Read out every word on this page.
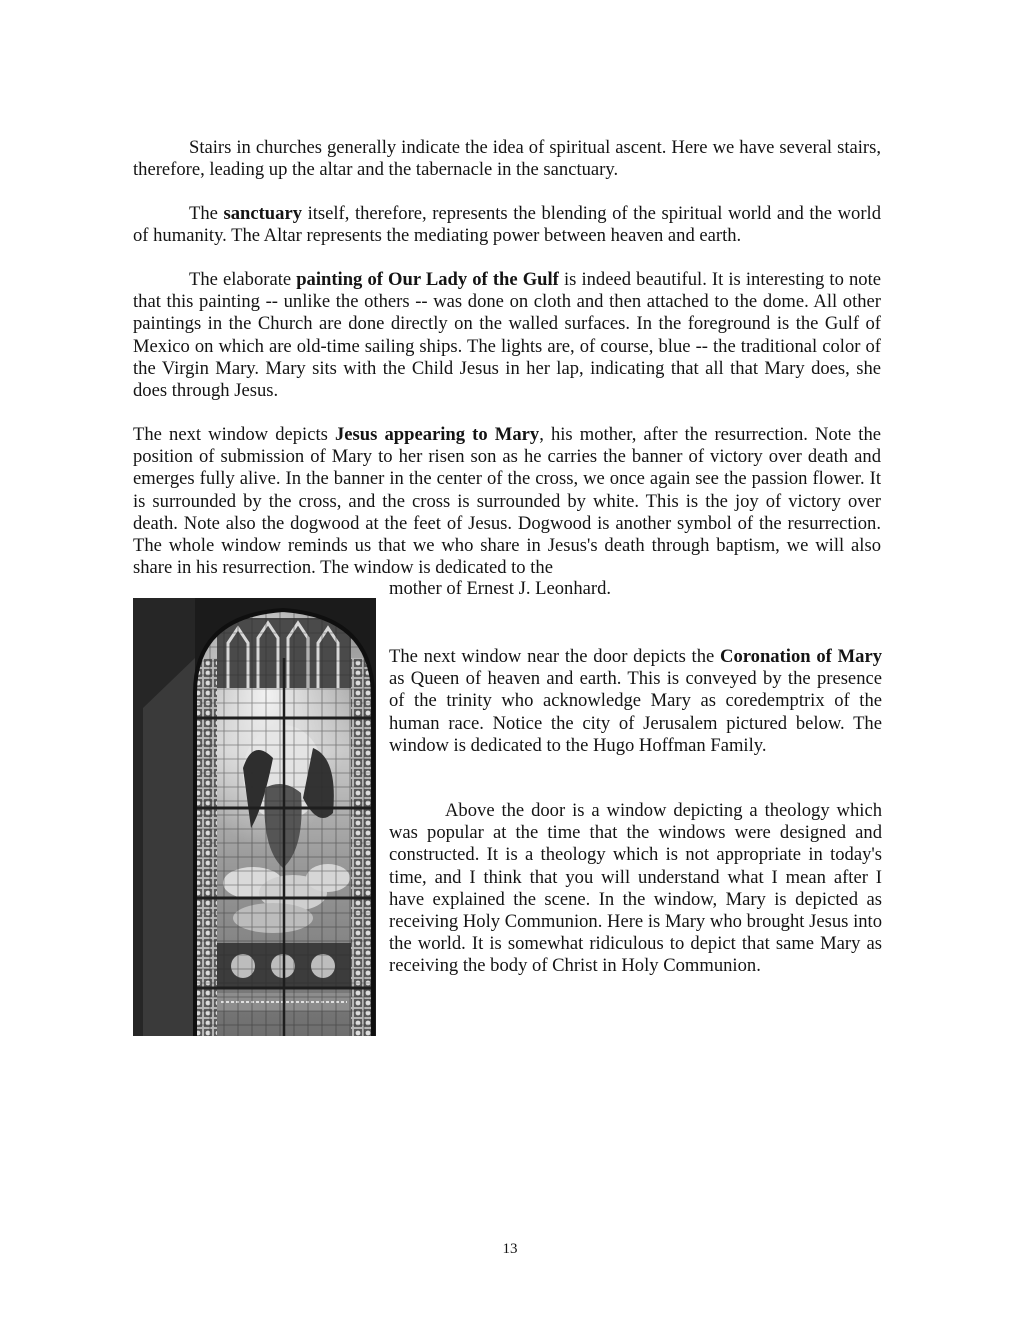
Stairs in churches generally indicate the idea of spiritual ascent. Here we have several stairs, therefore, leading up the altar and the tabernacle in the sanctuary.

The sanctuary itself, therefore, represents the blending of the spiritual world and the world of humanity. The Altar represents the mediating power between heaven and earth.

The elaborate painting of Our Lady of the Gulf is indeed beautiful. It is interesting to note that this painting -- unlike the others -- was done on cloth and then attached to the dome. All other paintings in the Church are done directly on the walled surfaces. In the foreground is the Gulf of Mexico on which are old-time sailing ships. The lights are, of course, blue -- the traditional color of the Virgin Mary. Mary sits with the Child Jesus in her lap, indicating that all that Mary does, she does through Jesus.

The next window depicts Jesus appearing to Mary, his mother, after the resurrection. Note the position of submission of Mary to her risen son as he carries the banner of victory over death and emerges fully alive. In the banner in the center of the cross, we once again see the passion flower. It is surrounded by the cross, and the cross is surrounded by white. This is the joy of victory over death. Note also the dogwood at the feet of Jesus. Dogwood is another symbol of the resurrection. The whole window reminds us that we who share in Jesus's death through baptism, we will also share in his resurrection. The window is dedicated to the

mother of Ernest J. Leonhard.

The next window near the door depicts the Coronation of Mary as Queen of heaven and earth. This is conveyed by the presence of the trinity who acknowledge Mary as coredemptrix of the human race. Notice the city of Jerusalem pictured below. The window is dedicated to the Hugo Hoffman Family.

Above the door is a window depicting a theology which was popular at the time that the windows were designed and constructed. It is a theology which is not appropriate in today's time, and I think that you will understand what I mean after I have explained the scene. In the window, Mary is depicted as receiving Holy Communion. Here is Mary who brought Jesus into the world. It is somewhat ridiculous to depict that same Mary as receiving the body of Christ in Holy Communion.

13
